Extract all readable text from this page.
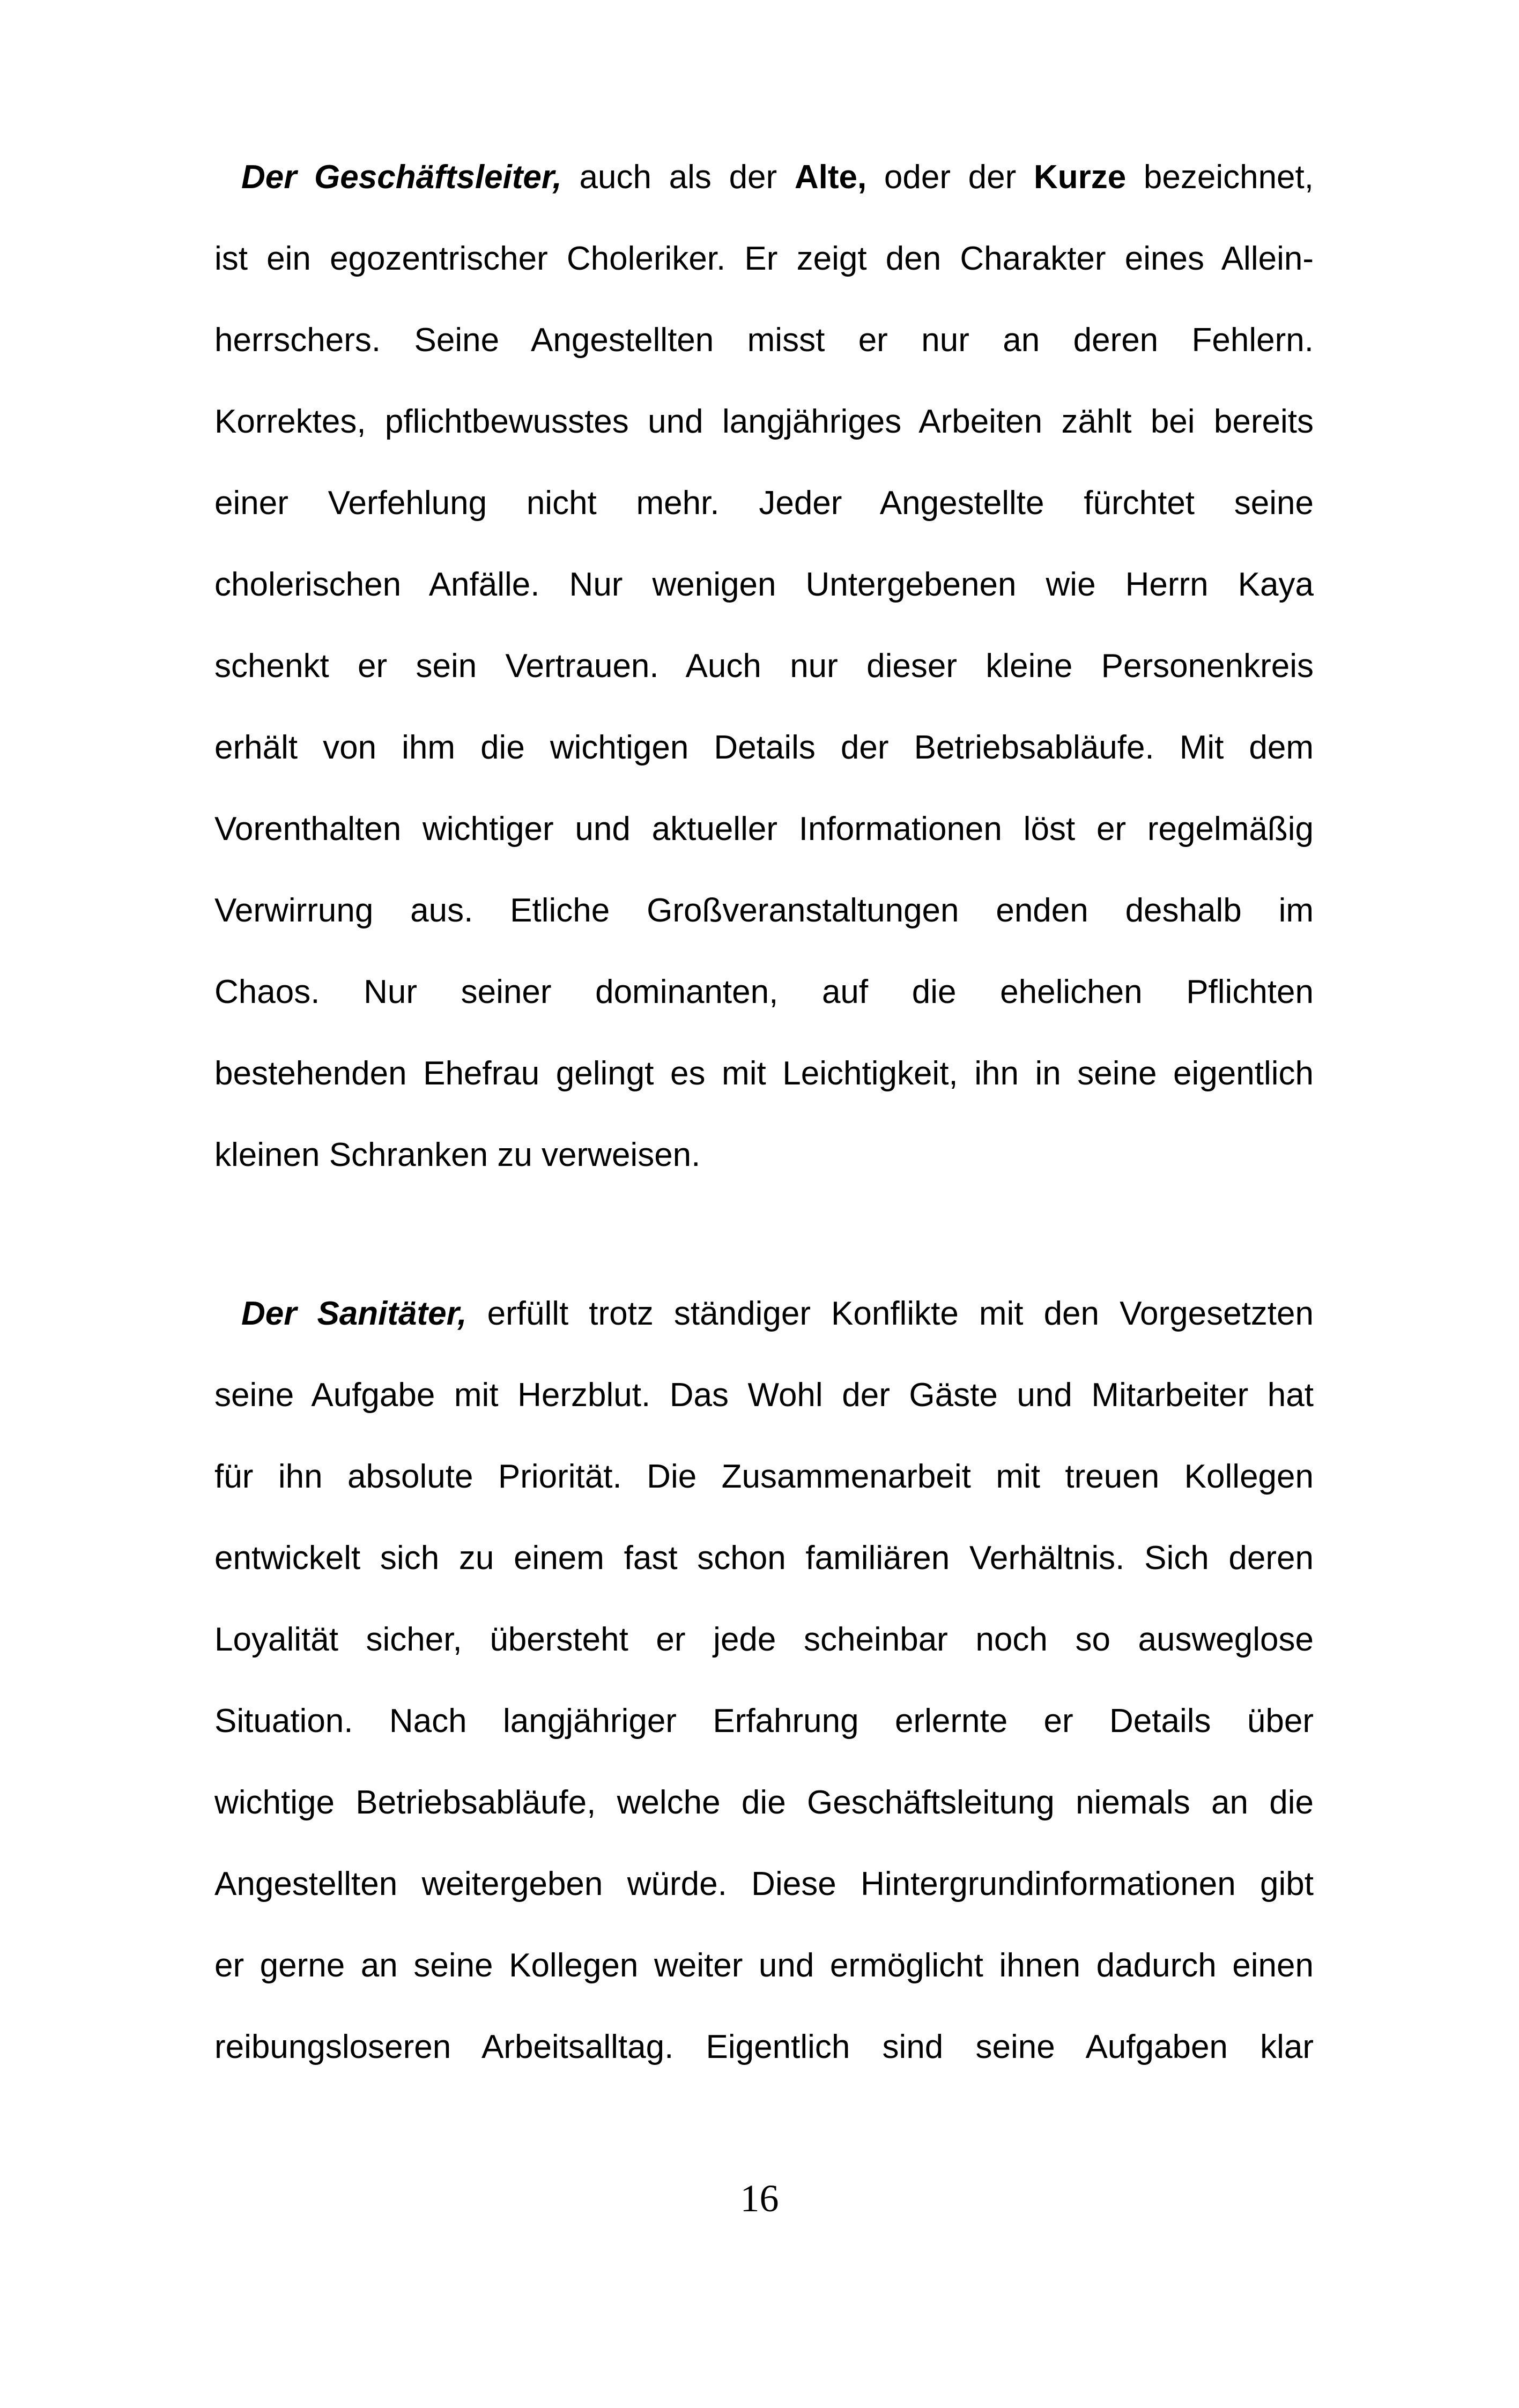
Der Geschäftsleiter, auch als der Alte, oder der Kurze bezeichnet,
ist ein egozentrischer Choleriker. Er zeigt den Charakter eines Allein-
herrschers. Seine Angestellten misst er nur an deren Fehlern.
Korrektes, pflichtbewusstes und langjähriges Arbeiten zählt bei bereits
einer Verfehlung nicht mehr. Jeder Angestellte fürchtet seine
cholerischen Anfälle. Nur wenigen Untergebenen wie Herrn Kaya
schenkt er sein Vertrauen. Auch nur dieser kleine Personenkreis
erhält von ihm die wichtigen Details der Betriebsabläufe. Mit dem
Vorenthalten wichtiger und aktueller Informationen löst er regelmäßig
Verwirrung aus. Etliche Großveranstaltungen enden deshalb im
Chaos. Nur seiner dominanten, auf die ehelichen Pflichten
bestehenden Ehefrau gelingt es mit Leichtigkeit, ihn in seine eigentlich
kleinen Schranken zu verweisen.
Der Sanitäter, erfüllt trotz ständiger Konflikte mit den Vorgesetzten
seine Aufgabe mit Herzblut. Das Wohl der Gäste und Mitarbeiter hat
für ihn absolute Priorität. Die Zusammenarbeit mit treuen Kollegen
entwickelt sich zu einem fast schon familiären Verhältnis. Sich deren
Loyalität sicher, übersteht er jede scheinbar noch so ausweglose
Situation. Nach langjähriger Erfahrung erlernte er Details über
wichtige Betriebsabläufe, welche die Geschäftsleitung niemals an die
Angestellten weitergeben würde. Diese Hintergrundinformationen gibt
er gerne an seine Kollegen weiter und ermöglicht ihnen dadurch einen
reibungsloseren Arbeitsalltag. Eigentlich sind seine Aufgaben klar
16
